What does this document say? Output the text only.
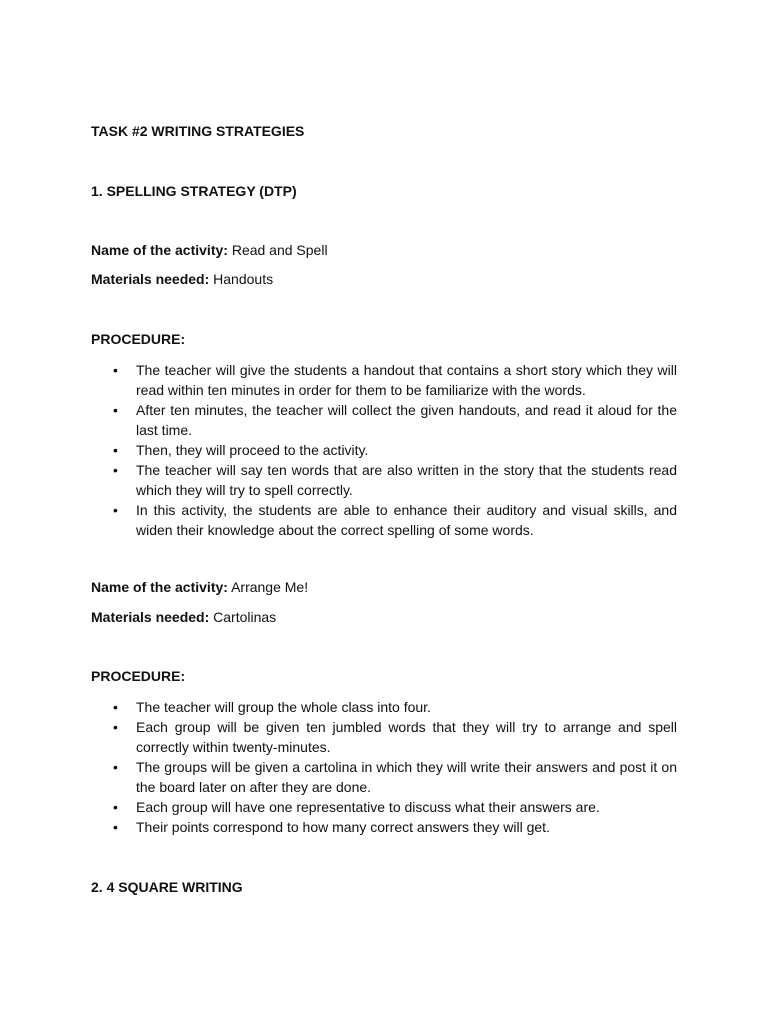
TASK #2 WRITING STRATEGIES
1. SPELLING STRATEGY (DTP)
Name of the activity: Read and Spell
Materials needed: Handouts
PROCEDURE:
• The teacher will give the students a handout that contains a short story which they will read within ten minutes in order for them to be familiarize with the words.
• After ten minutes, the teacher will collect the given handouts, and read it aloud for the last time.
• Then, they will proceed to the activity.
• The teacher will say ten words that are also written in the story that the students read which they will try to spell correctly.
• In this activity, the students are able to enhance their auditory and visual skills, and widen their knowledge about the correct spelling of some words.
Name of the activity: Arrange Me!
Materials needed: Cartolinas
PROCEDURE:
• The teacher will group the whole class into four.
• Each group will be given ten jumbled words that they will try to arrange and spell correctly within twenty-minutes.
• The groups will be given a cartolina in which they will write their answers and post it on the board later on after they are done.
• Each group will have one representative to discuss what their answers are.
• Their points correspond to how many correct answers they will get.
2. 4 SQUARE WRITING
